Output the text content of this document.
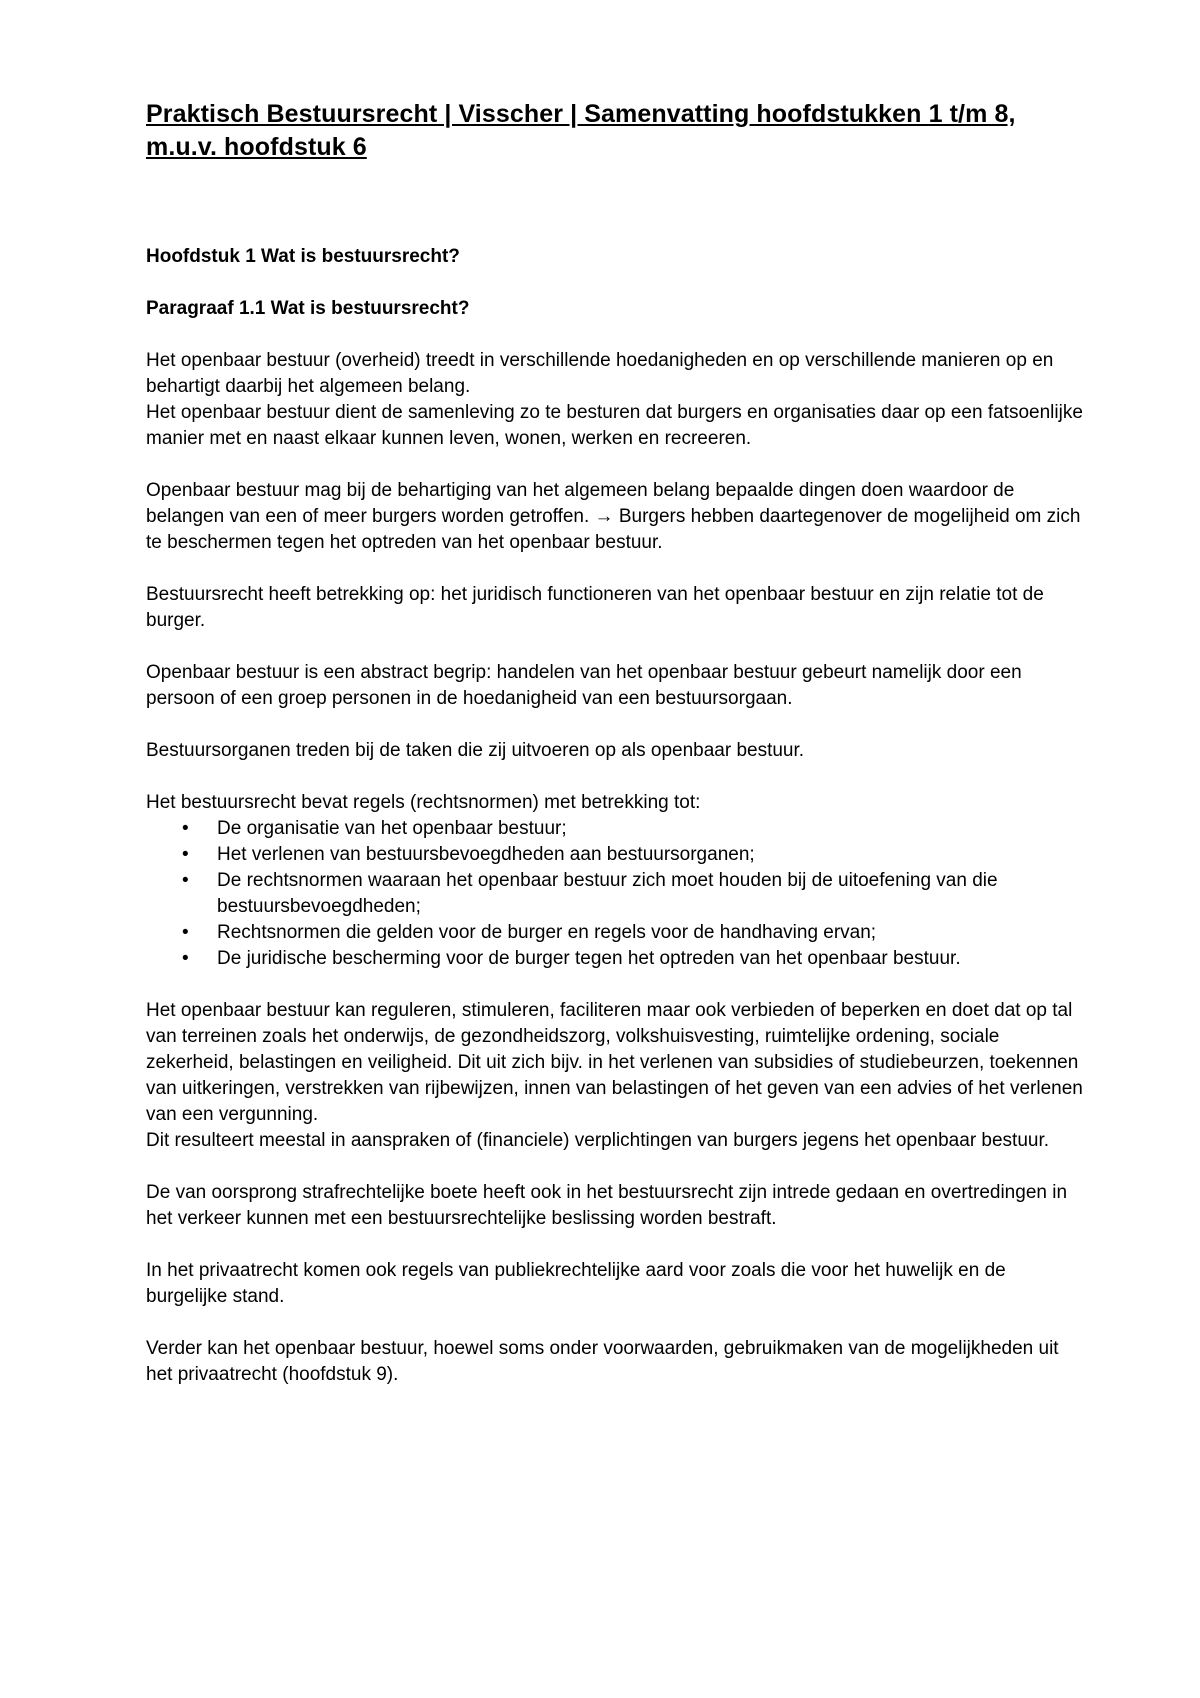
Praktisch Bestuursrecht | Visscher | Samenvatting hoofdstukken 1 t/m 8, m.u.v. hoofdstuk 6
Hoofdstuk 1 Wat is bestuursrecht?
Paragraaf 1.1 Wat is bestuursrecht?

Het openbaar bestuur (overheid) treedt in verschillende hoedanigheden en op verschillende manieren op en behartigt daarbij het algemeen belang.

Het openbaar bestuur dient de samenleving zo te besturen dat burgers en organisaties daar op een fatsoenlijke manier met en naast elkaar kunnen leven, wonen, werken en recreeren.

Openbaar bestuur mag bij de behartiging van het algemeen belang bepaalde dingen doen waardoor de belangen van een of meer burgers worden getroffen. → Burgers hebben daartegenover de mogelijheid om zich te beschermen tegen het optreden van het openbaar bestuur.

Bestuursrecht heeft betrekking op: het juridisch functioneren van het openbaar bestuur en zijn relatie tot de burger.

Openbaar bestuur is een abstract begrip: handelen van het openbaar bestuur gebeurt namelijk door een persoon of een groep personen in de hoedanigheid van een bestuursorgaan.

Bestuursorganen treden bij de taken die zij uitvoeren op als openbaar bestuur.

Het bestuursrecht bevat regels (rechtsnormen) met betrekking tot:

• De organisatie van het openbaar bestuur;
• Het verlenen van bestuursbevoegdheden aan bestuursorganen;
• De rechtsnormen waaraan het openbaar bestuur zich moet houden bij de uitoefening van die bestuursbevoegdheden;
• Rechtsnormen die gelden voor de burger en regels voor de handhaving ervan;
• De juridische bescherming voor de burger tegen het optreden van het openbaar bestuur.

Het openbaar bestuur kan reguleren, stimuleren, faciliteren maar ook verbieden of beperken en doet dat op tal van terreinen zoals het onderwijs, de gezondheidszorg, volkshuisvesting, ruimtelijke ordening, sociale zekerheid, belastingen en veiligheid. Dit uit zich bijv. in het verlenen van subsidies of studiebeurzen, toekennen van uitkeringen, verstrekken van rijbewijzen, innen van belastingen of het geven van een advies of het verlenen van een vergunning.

Dit resulteert meestal in aanspraken of (financiele) verplichtingen van burgers jegens het openbaar bestuur.

De van oorsprong strafrechtelijke boete heeft ook in het bestuursrecht zijn intrede gedaan en overtredingen in het verkeer kunnen met een bestuursrechtelijke beslissing worden bestraft.

In het privaatrecht komen ook regels van publiekrechtelijke aard voor zoals die voor het huwelijk en de burgelijke stand.

Verder kan het openbaar bestuur, hoewel soms onder voorwaarden, gebruikmaken van de mogelijkheden uit het privaatrecht (hoofdstuk 9).
